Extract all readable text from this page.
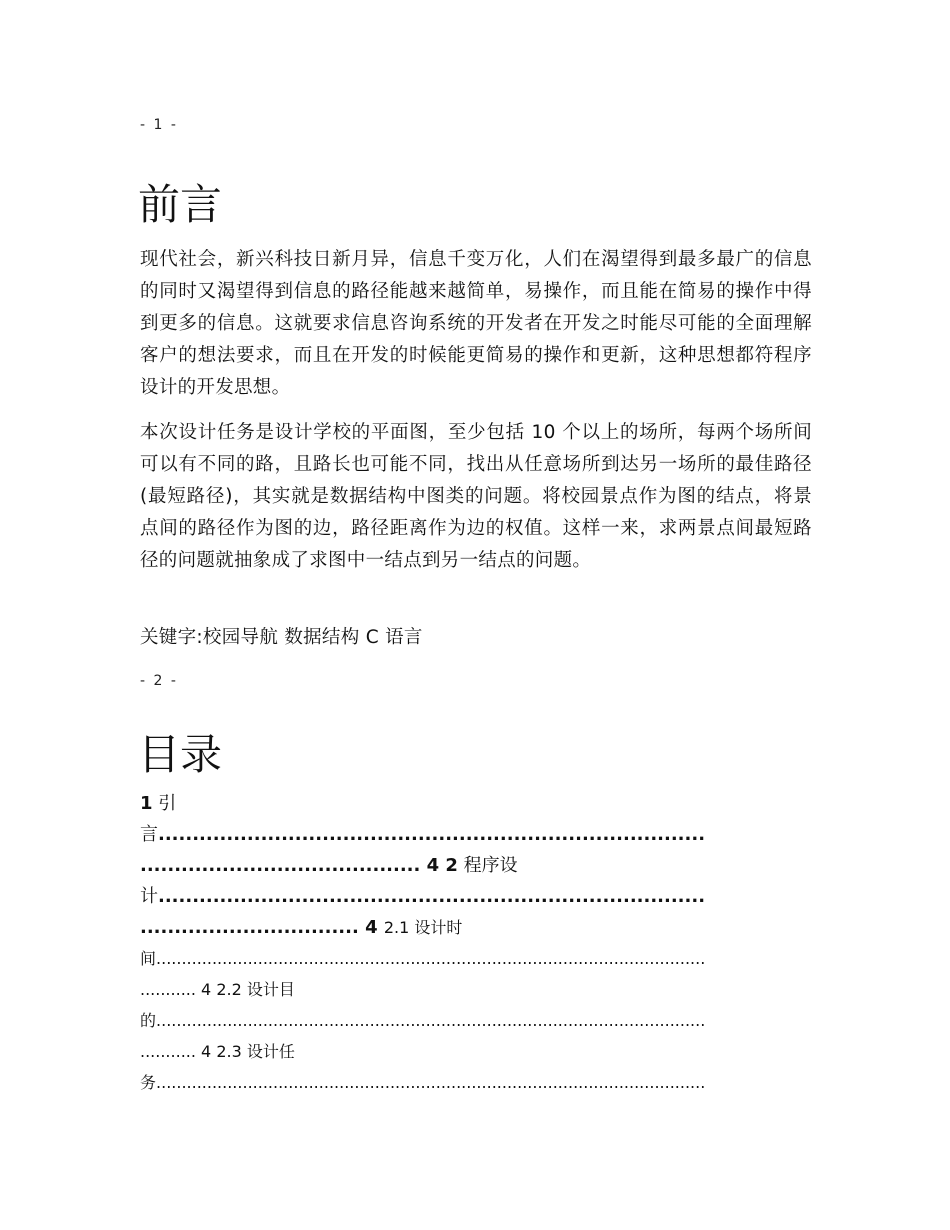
- 1 -
前言

现代社会，新兴科技日新月异，信息千变万化，人们在渴望得到最多最广的信息的同时又渴望得到信息的路径能越来越简单，易操作，而且能在简易的操作中得到更多的信息。这就要求信息咨询系统的开发者在开发之时能尽可能的全面理解客户的想法要求，而且在开发的时候能更简易的操作和更新，这种思想都符程序设计的开发思想。

本次设计任务是设计学校的平面图，至少包括 10 个以上的场所，每两个场所间可以有不同的路，且路长也可能不同，找出从任意场所到达另一场所的最佳路径(最短路径)，其实就是数据结构中图类的问题。将校园景点作为图的结点，将景点间的路径作为图的边，路径距离作为边的权值。这样一来，求两景点间最短路径的问题就抽象成了求图中一结点到另一结点的问题。

关键字:校园导航 数据结构 C 语言

- 2 -
目录
1 引
言................................................................................
......................................... 4 2 程序设
计................................................................................
................................ 4 2.1 设计时
间............................................................................................................
........... 4 2.2 设计目
的............................................................................................................
........... 4 2.3 设计任
务............................................................................................................
